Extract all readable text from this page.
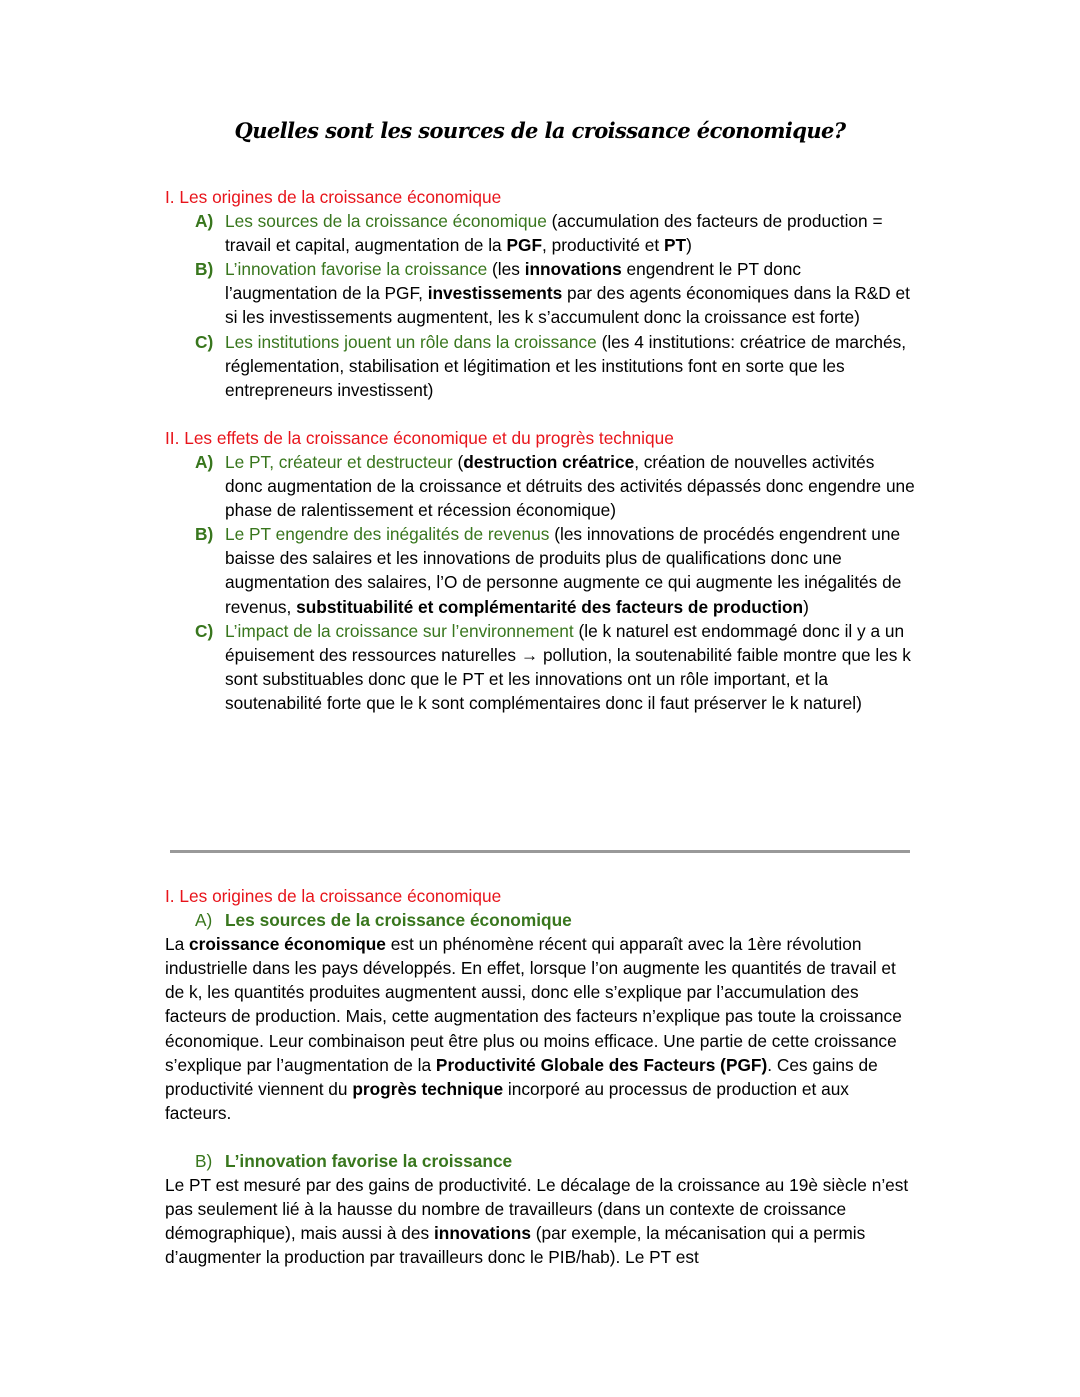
Quelles sont les sources de la croissance économique?
I. Les origines de la croissance économique
A) Les sources de la croissance économique (accumulation des facteurs de production = travail et capital, augmentation de la PGF, productivité et PT)
B) L’innovation favorise la croissance (les innovations engendrent le PT donc l’augmentation de la PGF, investissements par des agents économiques dans la R&D et si les investissements augmentent, les k s’accumulent donc la croissance est forte)
C) Les institutions jouent un rôle dans la croissance (les 4 institutions: créatrice de marchés, réglementation, stabilisation et légitimation et les institutions font en sorte que les entrepreneurs investissent)
II. Les effets de la croissance économique et du progrès technique
A) Le PT, créateur et destructeur (destruction créatrice, création de nouvelles activités donc augmentation de la croissance et détruits des activités dépassés donc engendre une phase de ralentissement et récession économique)
B) Le PT engendre des inégalités de revenus (les innovations de procédés engendrent une baisse des salaires et les innovations de produits plus de qualifications donc une augmentation des salaires, l’O de personne augmente ce qui augmente les inégalités de revenus, substituabilité et complémentarité des facteurs de production)
C) L’impact de la croissance sur l’environnement (le k naturel est endommagé donc il y a un épuisement des ressources naturelles → pollution, la soutenabilité faible montre que les k sont substituables donc que le PT et les innovations ont un rôle important, et la soutenabilité forte que le k sont complémentaires donc il faut préserver le k naturel)
I. Les origines de la croissance économique
A) Les sources de la croissance économique
La croissance économique est un phénomène récent qui apparaît avec la 1ère révolution industrielle dans les pays développés. En effet, lorsque l’on augmente les quantités de travail et de k, les quantités produites augmentent aussi, donc elle s’explique par l’accumulation des facteurs de production. Mais, cette augmentation des facteurs n’explique pas toute la croissance économique. Leur combinaison peut être plus ou moins efficace. Une partie de cette croissance s’explique par l’augmentation de la Productivité Globale des Facteurs (PGF). Ces gains de productivité viennent du progrès technique incorporé au processus de production et aux facteurs.
B) L’innovation favorise la croissance
Le PT est mesuré par des gains de productivité. Le décalage de la croissance au 19è siècle n’est pas seulement lié à la hausse du nombre de travailleurs (dans un contexte de croissance démographique), mais aussi à des innovations (par exemple, la mécanisation qui a permis d’augmenter la production par travailleurs donc le PIB/hab). Le PT est
